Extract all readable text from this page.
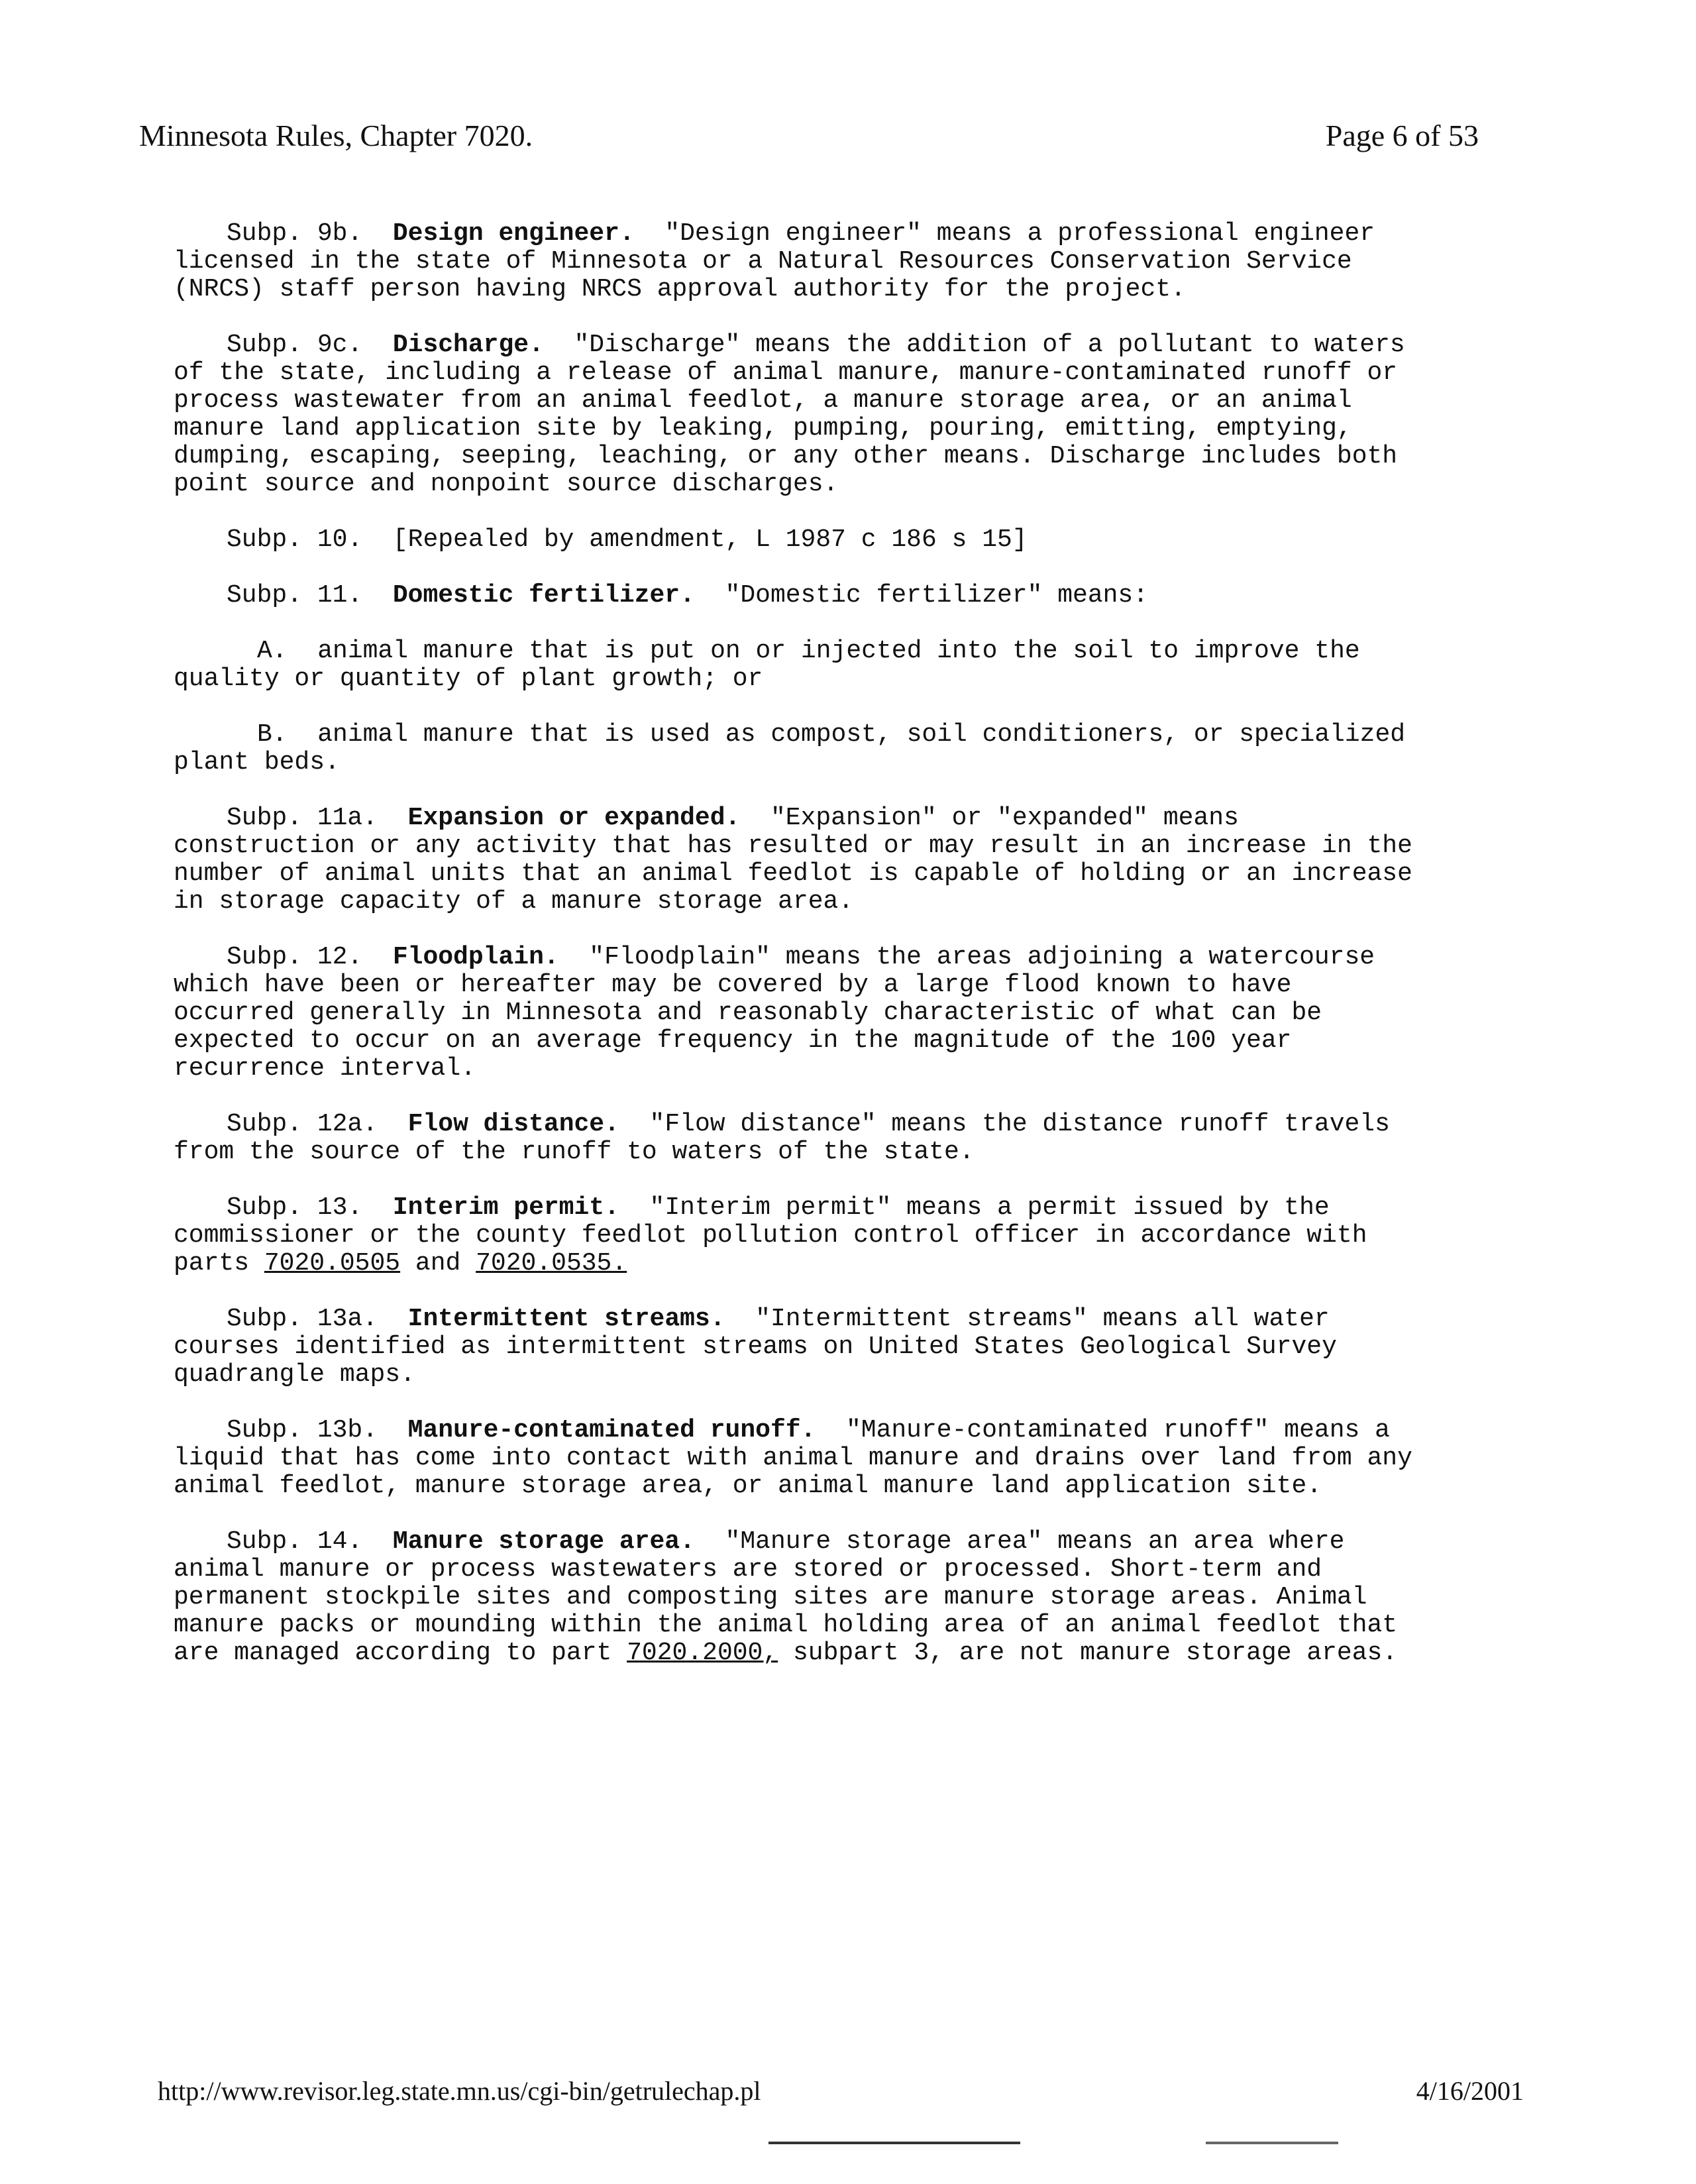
Minnesota Rules, Chapter 7020.	Page 6 of 53

Subp. 9b. Design engineer. "Design engineer" means a professional engineer licensed in the state of Minnesota or a Natural Resources Conservation Service (NRCS) staff person having NRCS approval authority for the project.

Subp. 9c. Discharge. "Discharge" means the addition of a pollutant to waters of the state, including a release of animal manure, manure-contaminated runoff or process wastewater from an animal feedlot, a manure storage area, or an animal manure land application site by leaking, pumping, pouring, emitting, emptying, dumping, escaping, seeping, leaching, or any other means. Discharge includes both point source and nonpoint source discharges.

Subp. 10. [Repealed by amendment, L 1987 c 186 s 15]

Subp. 11. Domestic fertilizer. "Domestic fertilizer" means:

A. animal manure that is put on or injected into the soil to improve the quality or quantity of plant growth; or

B. animal manure that is used as compost, soil conditioners, or specialized plant beds.

Subp. 11a. Expansion or expanded. "Expansion" or "expanded" means construction or any activity that has resulted or may result in an increase in the number of animal units that an animal feedlot is capable of holding or an increase in storage capacity of a manure storage area.

Subp. 12. Floodplain. "Floodplain" means the areas adjoining a watercourse which have been or hereafter may be covered by a large flood known to have occurred generally in Minnesota and reasonably characteristic of what can be expected to occur on an average frequency in the magnitude of the 100 year recurrence interval.

Subp. 12a. Flow distance. "Flow distance" means the distance runoff travels from the source of the runoff to waters of the state.

Subp. 13. Interim permit. "Interim permit" means a permit issued by the commissioner or the county feedlot pollution control officer in accordance with parts 7020.0505 and 7020.0535.

Subp. 13a. Intermittent streams. "Intermittent streams" means all water courses identified as intermittent streams on United States Geological Survey quadrangle maps.

Subp. 13b. Manure-contaminated runoff. "Manure-contaminated runoff" means a liquid that has come into contact with animal manure and drains over land from any animal feedlot, manure storage area, or animal manure land application site.

Subp. 14. Manure storage area. "Manure storage area" means an area where animal manure or process wastewaters are stored or processed. Short-term and permanent stockpile sites and composting sites are manure storage areas. Animal manure packs or mounding within the animal holding area of an animal feedlot that are managed according to part 7020.2000, subpart 3, are not manure storage areas.

http://www.revisor.leg.state.mn.us/cgi-bin/getrulechap.pl	4/16/2001
